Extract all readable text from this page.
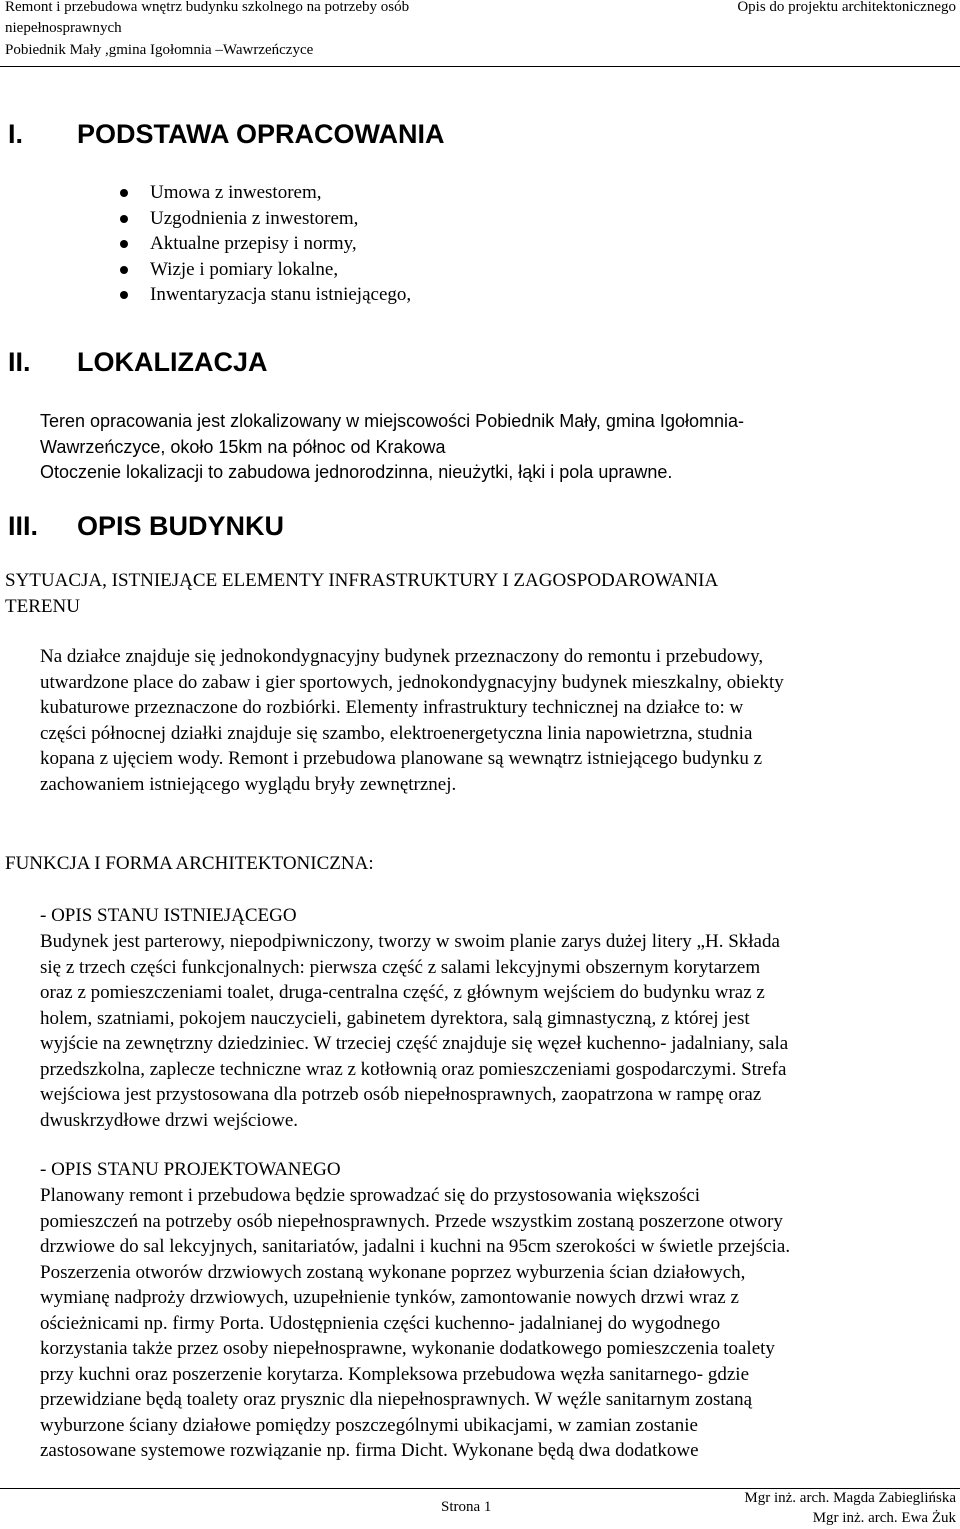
Remont i przebudowa wnętrz budynku szkolnego na potrzeby osób
niepełnosprawnych
Pobiednik Mały ,gmina Igołomnia –Wawrzeńczyce
Opis do projektu architektonicznego
I. PODSTAWA OPRACOWANIA
Umowa z inwestorem,
Uzgodnienia z inwestorem,
Aktualne przepisy i normy,
Wizje i pomiary lokalne,
Inwentaryzacja stanu istniejącego,
II. LOKALIZACJA
Teren opracowania jest zlokalizowany w miejscowości Pobiednik Mały, gmina Igołomnia-
Wawrzeńczyce, około 15km na północ od Krakowa
Otoczenie lokalizacji to zabudowa jednorodzinna, nieużytki, łąki i pola uprawne.
III. OPIS BUDYNKU
SYTUACJA, ISTNIEJĄCE ELEMENTY INFRASTRUKTURY I ZAGOSPODAROWANIA
TERENU
Na działce znajduje się jednokondygnacyjny budynek przeznaczony do remontu i przebudowy,
utwardzone place do zabaw i gier sportowych, jednokondygnacyjny budynek mieszkalny, obiekty
kubaturowe przeznaczone do rozbiórki. Elementy infrastruktury technicznej na działce to: w
części północnej działki znajduje się szambo, elektroenergetyczna linia napowietrzna, studnia
kopana z ujęciem wody. Remont i przebudowa planowane są wewnątrz istniejącego budynku z
zachowaniem istniejącego wyglądu bryły zewnętrznej.
FUNKCJA I FORMA ARCHITEKTONICZNA:
- OPIS STANU ISTNIEJĄCEGO
Budynek jest parterowy, niepodpiwniczony, tworzy w swoim planie zarys dużej litery „H. Składa
się z trzech części funkcjonalnych: pierwsza część z salami lekcyjnymi obszernym korytarzem
oraz z pomieszczeniami toalet, druga-centralna część, z głównym wejściem do budynku wraz z
holem, szatniami, pokojem nauczycieli, gabinetem dyrektora, salą gimnastyczną, z której jest
wyjście na zewnętrzny dziedziniec. W trzeciej część znajduje się węzeł kuchenno- jadalniany, sala
przedszkolna, zaplecze techniczne wraz z kotłownią oraz pomieszczeniami gospodarczymi. Strefa
wejściowa jest przystosowana dla potrzeb osób niepełnosprawnych, zaopatrzona w rampę oraz
dwuskrzydłowe drzwi wejściowe.
- OPIS STANU PROJEKTOWANEGO
Planowany remont i przebudowa będzie sprowadzać się do przystosowania większości
pomieszczeń na potrzeby osób niepełnosprawnych. Przede wszystkim zostaną poszerzone otwory
drzwiowe do sal lekcyjnych, sanitariatów, jadalni i kuchni na 95cm szerokości w świetle przejścia.
Poszerzenia otworów drzwiowych zostaną wykonane poprzez wyburzenia ścian działowych,
wymianę nadproży drzwiowych, uzupełnienie tynków, zamontowanie nowych drzwi wraz z
ościeżnicami np. firmy Porta. Udostępnienia części kuchenno- jadalnianej do wygodnego
korzystania także przez osoby niepełnosprawne, wykonanie dodatkowego pomieszczenia toalety
przy kuchni oraz poszerzenie korytarza. Kompleksowa przebudowa węzła sanitarnego- gdzie
przewidziane będą toalety oraz prysznic dla niepełnosprawnych. W węźle sanitarnym zostaną
wyburzone ściany działowe pomiędzy poszczególnymi ubikacjami, w zamian zostanie
zastosowane systemowe rozwiązanie np. firma Dicht. Wykonane będą dwa dodatkowe
Strona 1
Mgr inż. arch. Magda Zabieglińska
Mgr inż. arch. Ewa Żuk
